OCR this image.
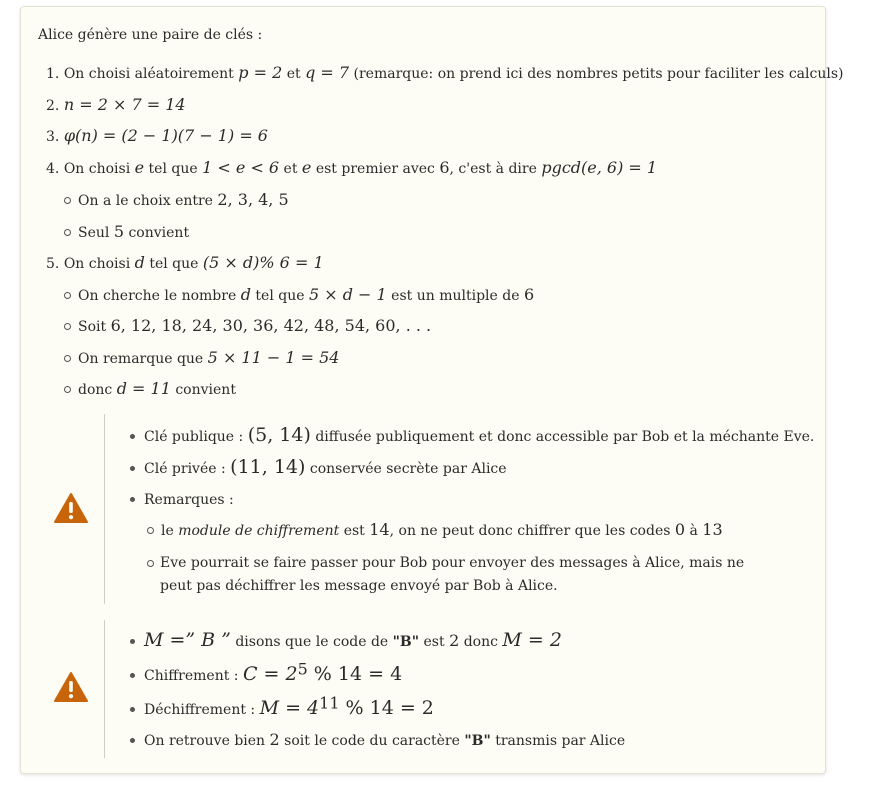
Alice génère une paire de clés :
1. On choisi aléatoirement p = 2 et q = 7 (remarque: on prend ici des nombres petits pour faciliter les calculs)
2. n = 2 × 7 = 14
3. φ(n) = (2 − 1)(7 − 1) = 6
4. On choisi e tel que 1 < e < 6 et e est premier avec 6, c'est à dire pgcd(e, 6) = 1
On a le choix entre 2, 3, 4, 5
Seul 5 convient
5. On choisi d tel que (5 × d)% 6 = 1
On cherche le nombre d tel que 5 × d − 1 est un multiple de 6
Soit 6, 12, 18, 24, 30, 36, 42, 48, 54, 60, . . .
On remarque que 5 × 11 − 1 = 54
donc d = 11 convient
Clé publique : (5, 14) diffusée publiquement et donc accessible par Bob et la méchante Eve.
Clé privée : (11, 14) conservée secrète par Alice
Remarques :
le module de chiffrement est 14, on ne peut donc chiffrer que les codes 0 à 13
Eve pourrait se faire passer pour Bob pour envoyer des messages à Alice, mais ne peut pas déchiffrer les message envoyé par Bob à Alice.
M =” B ” disons que le code de "B" est 2 donc M = 2
Chiffrement : $C = 2^5$ % 14 = 4
Déchiffrement : $M = 4^{11}$ % 14 = 2
On retrouve bien 2 soit le code du caractère "B" transmis par Alice
